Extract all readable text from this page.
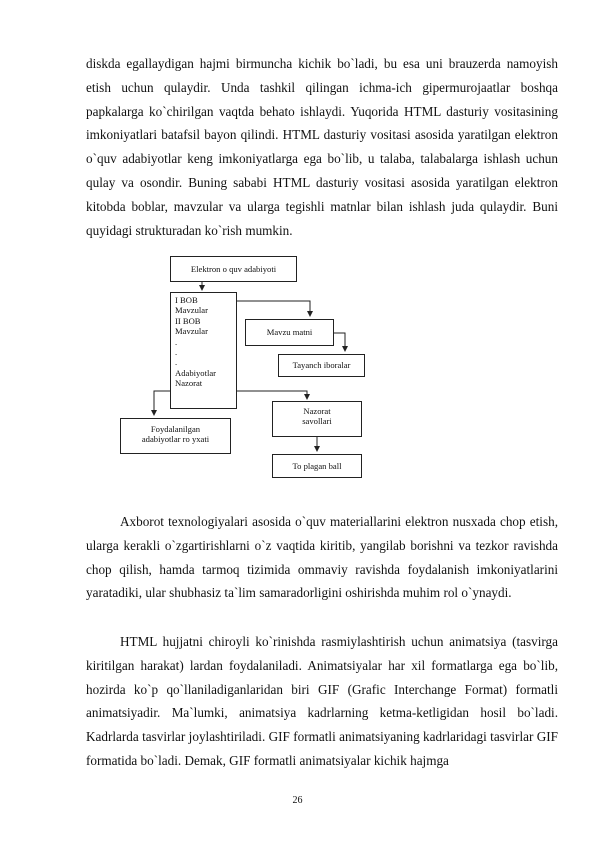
diskda egallaydigan hajmi birmuncha kichik bo`ladi, bu esa uni brauzerda namoyish etish uchun qulaydir. Unda tashkil qilingan ichma-ich gipermurojaatlar boshqa papkalarga ko`chirilgan vaqtda behato ishlaydi. Yuqorida HTML dasturiy vositasining imkoniyatlari batafsil bayon qilindi. HTML dasturiy vositasi asosida yaratilgan elektron o`quv adabiyotlar keng imkoniyatlarga ega bo`lib, u talaba, talabalarga ishlash uchun qulay va osondir. Buning sababi HTML dasturiy vositasi asosida yaratilgan elektron kitobda boblar, mavzular va ularga tegishli matnlar bilan ishlash juda qulaydir. Buni quyidagi strukturadan ko`rish mumkin.

Elektron o quv adabiyoti
I BOB
Mavzular
II BOB
Mavzular
.
.
.
Adabiyotlar
Nazorat
Mavzu matni
Tayanch iboralar
Nazorat
savollari
Foydalanilgan
adabiyotlar ro yxati
To plagan ball

Axborot texnologiyalari asosida o`quv materiallarini elektron nusxada chop etish, ularga kerakli o`zgartirishlarni o`z vaqtida kiritib, yangilab borishni va tezkor ravishda chop qilish, hamda tarmoq tizimida ommaviy ravishda foydalanish imkoniyatlarini yaratadiki, ular shubhasiz ta`lim samaradorligini oshirishda muhim rol o`ynaydi.

HTML hujjatni chiroyli ko`rinishda rasmiylashtirish uchun animatsiya (tasvirga kiritilgan harakat) lardan foydalaniladi. Animatsiyalar har xil formatlarga ega bo`lib, hozirda ko`p qo`llaniladiganlaridan biri GIF (Grafic Interchange Format) formatli animatsiyadir. Ma`lumki, animatsiya kadrlarning ketma-ketligidan hosil bo`ladi. Kadrlarda tasvirlar joylashtiriladi. GIF formatli animatsiyaning kadrlaridagi tasvirlar GIF formatida bo`ladi. Demak, GIF formatli animatsiyalar kichik hajmga

26
